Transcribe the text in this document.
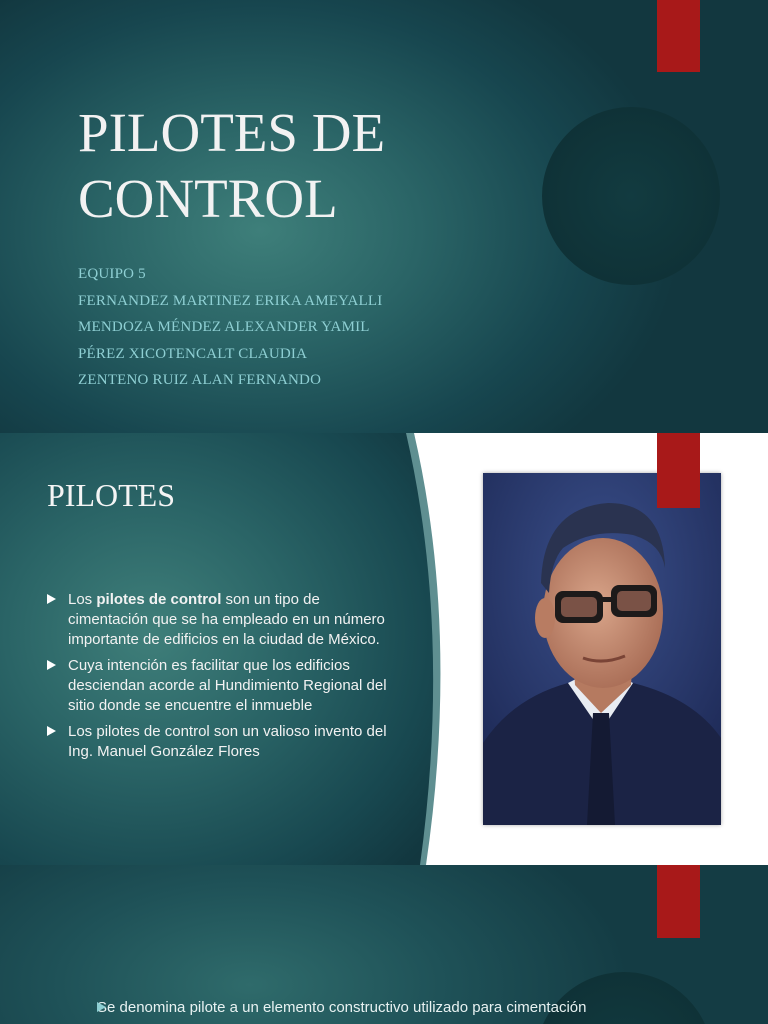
PILOTES DE
CONTROL
EQUIPO 5
FERNANDEZ MARTINEZ ERIKA AMEYALLI
MENDOZA MÉNDEZ ALEXANDER YAMIL
PÉREZ XICOTENCALT CLAUDIA
ZENTENO RUIZ ALAN FERNANDO
PILOTES
Los pilotes de control son un tipo de cimentación que se ha empleado en un número importante de edificios en la ciudad de México.
Cuya intención es facilitar que los edificios desciendan acorde al Hundimiento Regional del sitio donde se encuentre el inmueble
Los pilotes de control son un valioso invento del Ing. Manuel González Flores
Se denomina pilote a un elemento constructivo utilizado para cimentación
